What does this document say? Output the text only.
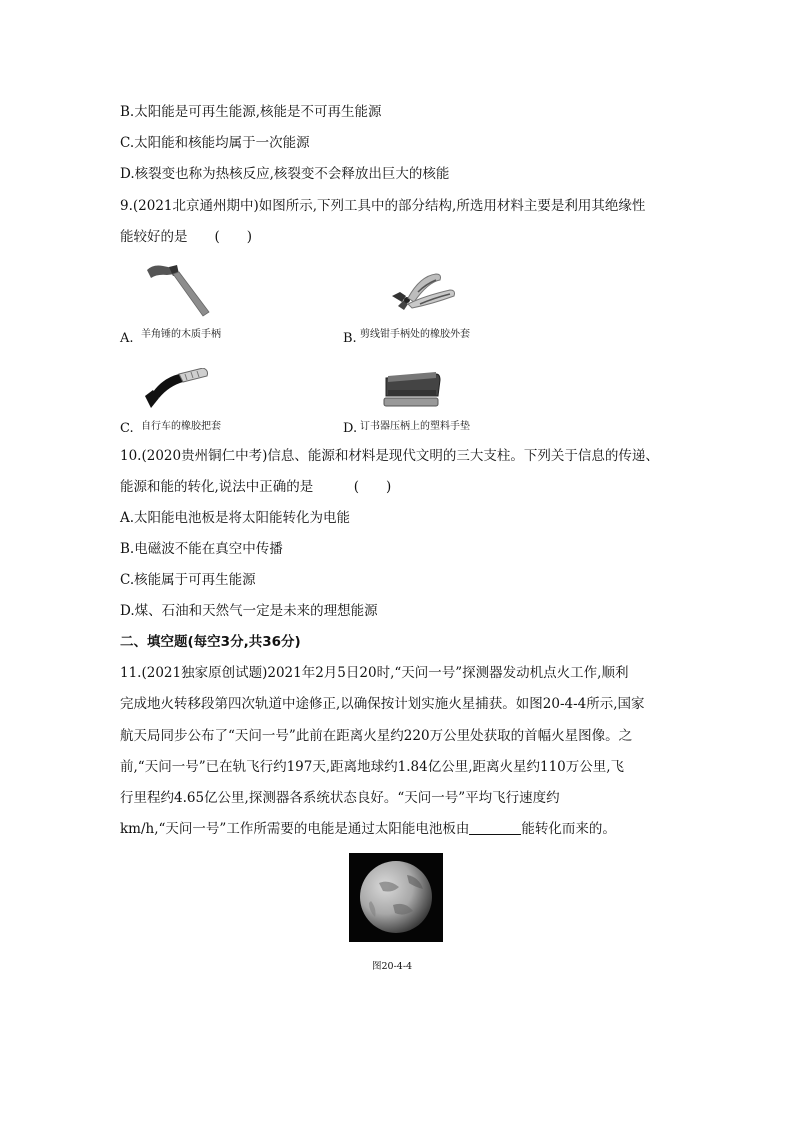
B.太阳能是可再生能源,核能是不可再生能源
C.太阳能和核能均属于一次能源
D.核裂变也称为热核反应,核裂变不会释放出巨大的核能
9.(2021北京通州期中)如图所示,下列工具中的部分结构,所选用材料主要是利用其绝缘性
能较好的是　　(　　)
A. 羊角锤的木质手柄	B. 剪线钳手柄处的橡胶外套
C. 自行车的橡胶把套	D. 订书器压柄上的塑料手垫
10.(2020贵州铜仁中考)信息、能源和材料是现代文明的三大支柱。下列关于信息的传递、
能源和能的转化,说法中正确的是　　　(　　)
A.太阳能电池板是将太阳能转化为电能
B.电磁波不能在真空中传播
C.核能属于可再生能源
D.煤、石油和天然气一定是未来的理想能源
二、填空题(每空3分,共36分)
11.(2021独家原创试题)2021年2月5日20时,“天问一号”探测器发动机点火工作,顺利
完成地火转移段第四次轨道中途修正,以确保按计划实施火星捕获。如图20-4-4所示,国家
航天局同步公布了“天问一号”此前在距离火星约220万公里处获取的首幅火星图像。之
前,“天问一号”已在轨飞行约197天,距离地球约1.84亿公里,距离火星约110万公里,飞
行里程约4.65亿公里,探测器各系统状态良好。“天问一号”平均飞行速度约
km/h,“天问一号”工作所需要的电能是通过太阳能电池板由	能转化而来的。
图20-4-4
